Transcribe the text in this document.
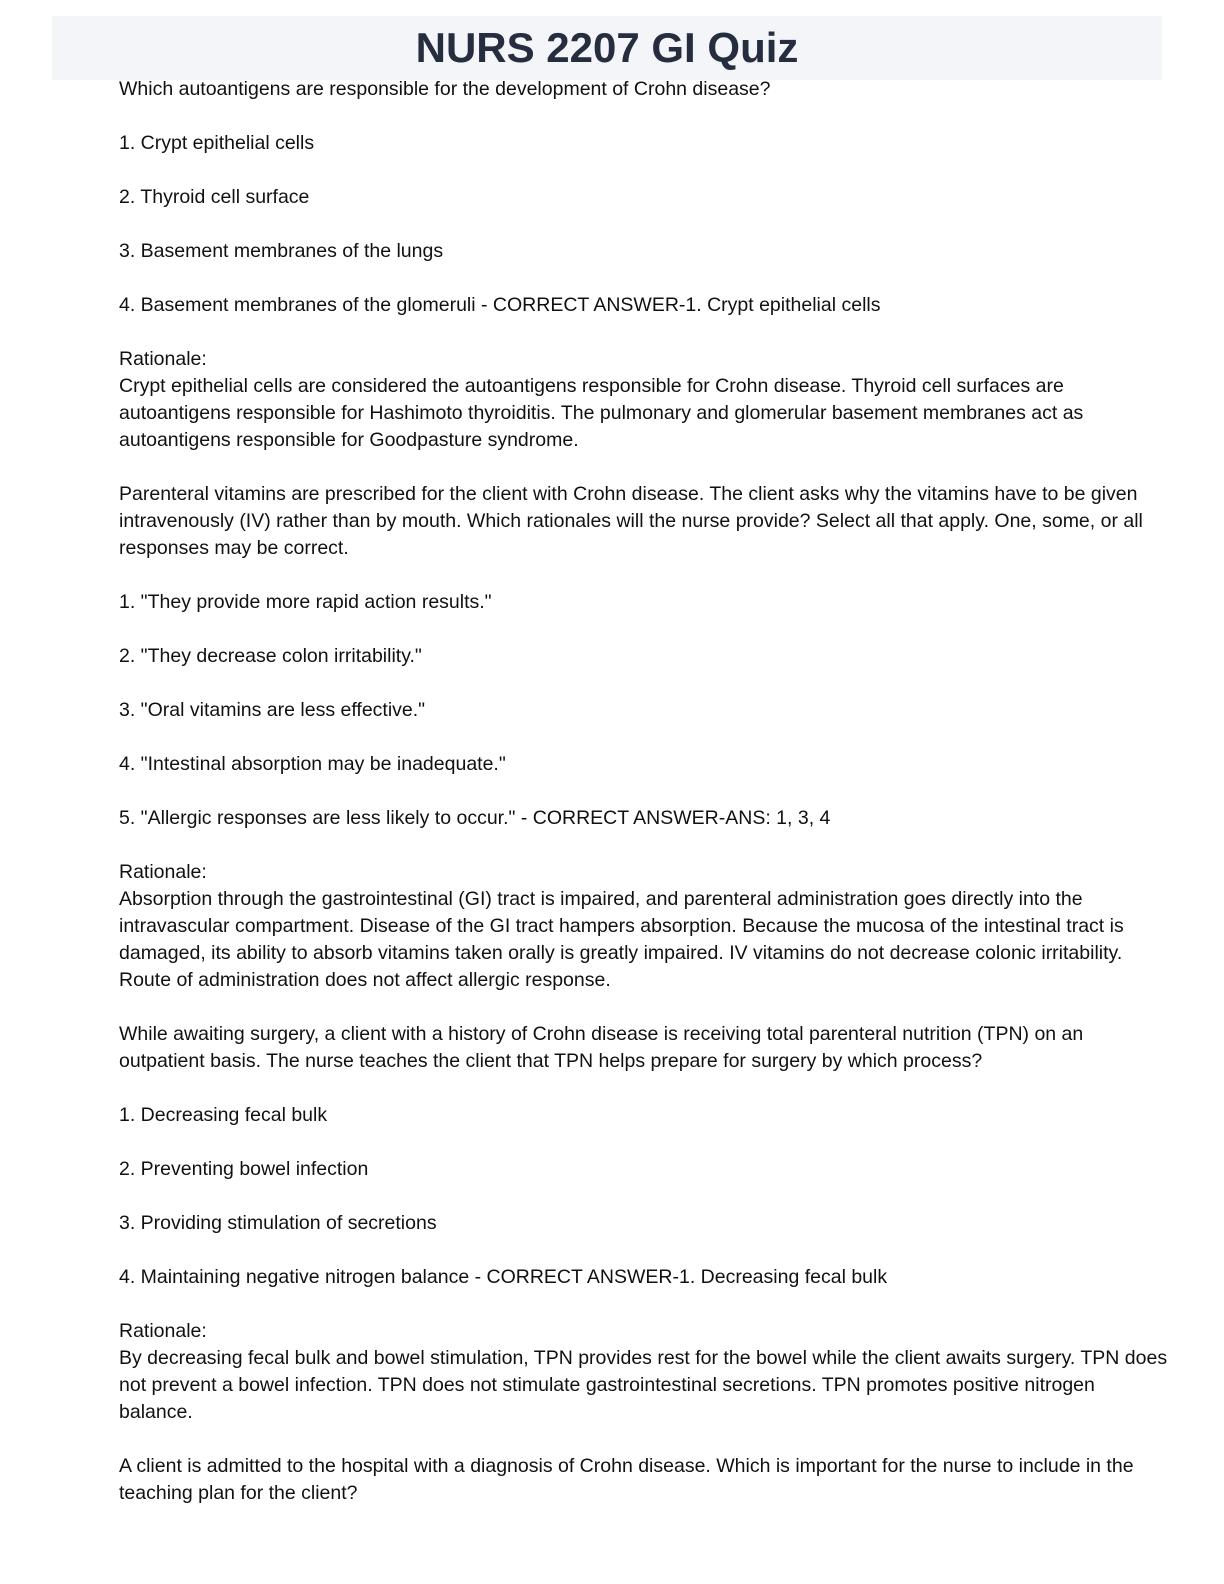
NURS 2207 GI Quiz

Which autoantigens are responsible for the development of Crohn disease?

1. Crypt epithelial cells

2. Thyroid cell surface

3. Basement membranes of the lungs

4. Basement membranes of the glomeruli - CORRECT ANSWER-1. Crypt epithelial cells

Rationale:

Crypt epithelial cells are considered the autoantigens responsible for Crohn disease. Thyroid cell surfaces are autoantigens responsible for Hashimoto thyroiditis. The pulmonary and glomerular basement membranes act as autoantigens responsible for Goodpasture syndrome.

Parenteral vitamins are prescribed for the client with Crohn disease. The client asks why the vitamins have to be given intravenously (IV) rather than by mouth. Which rationales will the nurse provide? Select all that apply. One, some, or all responses may be correct.

1. "They provide more rapid action results."

2. "They decrease colon irritability."

3. "Oral vitamins are less effective."

4. "Intestinal absorption may be inadequate."

5. "Allergic responses are less likely to occur." - CORRECT ANSWER-ANS: 1, 3, 4

Rationale:

Absorption through the gastrointestinal (GI) tract is impaired, and parenteral administration goes directly into the intravascular compartment. Disease of the GI tract hampers absorption. Because the mucosa of the intestinal tract is damaged, its ability to absorb vitamins taken orally is greatly impaired. IV vitamins do not decrease colonic irritability. Route of administration does not affect allergic response.

While awaiting surgery, a client with a history of Crohn disease is receiving total parenteral nutrition (TPN) on an outpatient basis. The nurse teaches the client that TPN helps prepare for surgery by which process?

1. Decreasing fecal bulk

2. Preventing bowel infection

3. Providing stimulation of secretions

4. Maintaining negative nitrogen balance - CORRECT ANSWER-1. Decreasing fecal bulk

Rationale:

By decreasing fecal bulk and bowel stimulation, TPN provides rest for the bowel while the client awaits surgery. TPN does not prevent a bowel infection. TPN does not stimulate gastrointestinal secretions. TPN promotes positive nitrogen balance.

A client is admitted to the hospital with a diagnosis of Crohn disease. Which is important for the nurse to include in the teaching plan for the client?
